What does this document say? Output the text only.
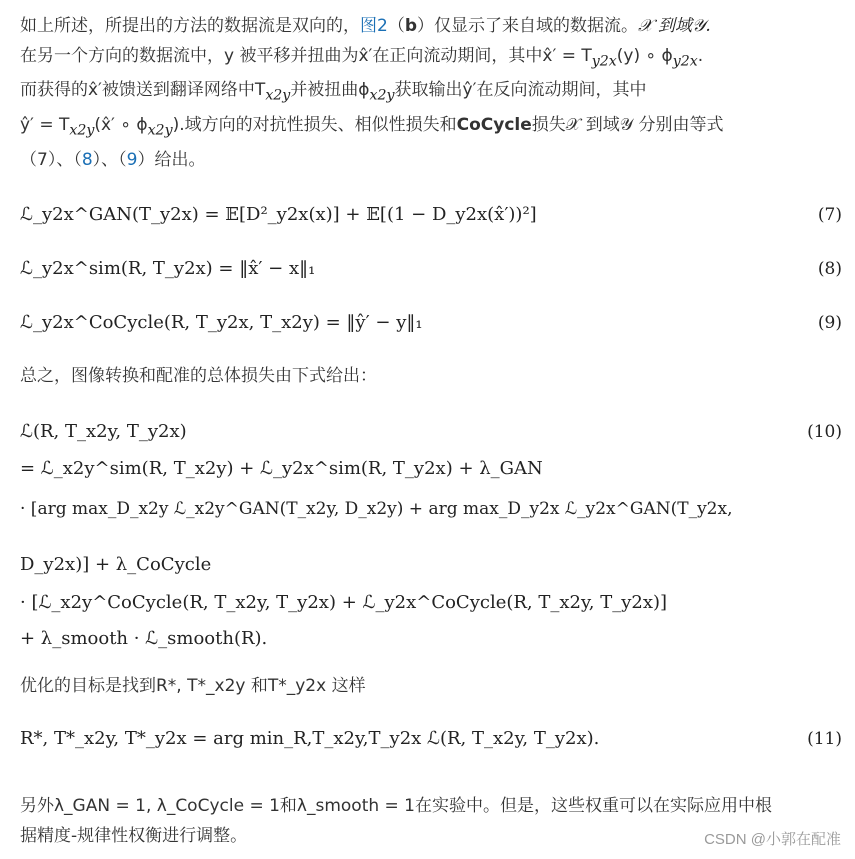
如上所述，所提出的方法的数据流是双向的，图2（b）仅显示了来自域的数据流。𝒳 到域𝒴.
在另一个方向的数据流中，y 被平移并扭曲为x̂′在正向流动期间，其中x̂′ = $T_{y2x}(y)$ ∘ $\phi_{y2x}$.
而获得的x̂′被馈送到翻译网络中$T_{x2y}$并被扭曲$\phi_{x2y}$获取输出ŷ′在反向流动期间，其中
ŷ′ = $T_{x2y}(x̂'$ ∘ $\phi_{x2y}$).域方向的对抗性损失、相似性损失和CoCycle损失𝒳 到域𝒴 分别由等式
（7）、（8）、（9）给出。

ℒ_y2x^GAN(T_y2x) = 𝔼[D²_y2x(x)] + 𝔼[(1 − D_y2x(x̂′))²]	(7)
ℒ_y2x^sim(R, T_y2x) = ‖x̂′ − x‖₁	(8)
ℒ_y2x^CoCycle(R, T_y2x, T_x2y) = ‖ŷ′ − y‖₁	(9)

总之，图像转换和配准的总体损失由下式给出：

ℒ(R, T_x2y, T_y2x)	(10)
= ℒ_x2y^sim(R, T_x2y) + ℒ_y2x^sim(R, T_y2x) + λ_GAN
· [arg max_D_x2y ℒ_x2y^GAN(T_x2y, D_x2y) + arg max_D_y2x ℒ_y2x^GAN(T_y2x,
D_y2x)] + λ_CoCycle
· [ℒ_x2y^CoCycle(R, T_x2y, T_y2x) + ℒ_y2x^CoCycle(R, T_x2y, T_y2x)]
+ λ_smooth · ℒ_smooth(R).

优化的目标是找到R*, T*_x2y 和T*_y2x 这样

R*, T*_x2y, T*_y2x = arg min_R,T_x2y,T_y2x ℒ(R, T_x2y, T_y2x).	(11)

另外λ_GAN = 1, λ_CoCycle = 1和λ_smooth = 1在实验中。但是，这些权重可以在实际应用中根
据精度-规律性权衡进行调整。	CSDN @小郭在配准
